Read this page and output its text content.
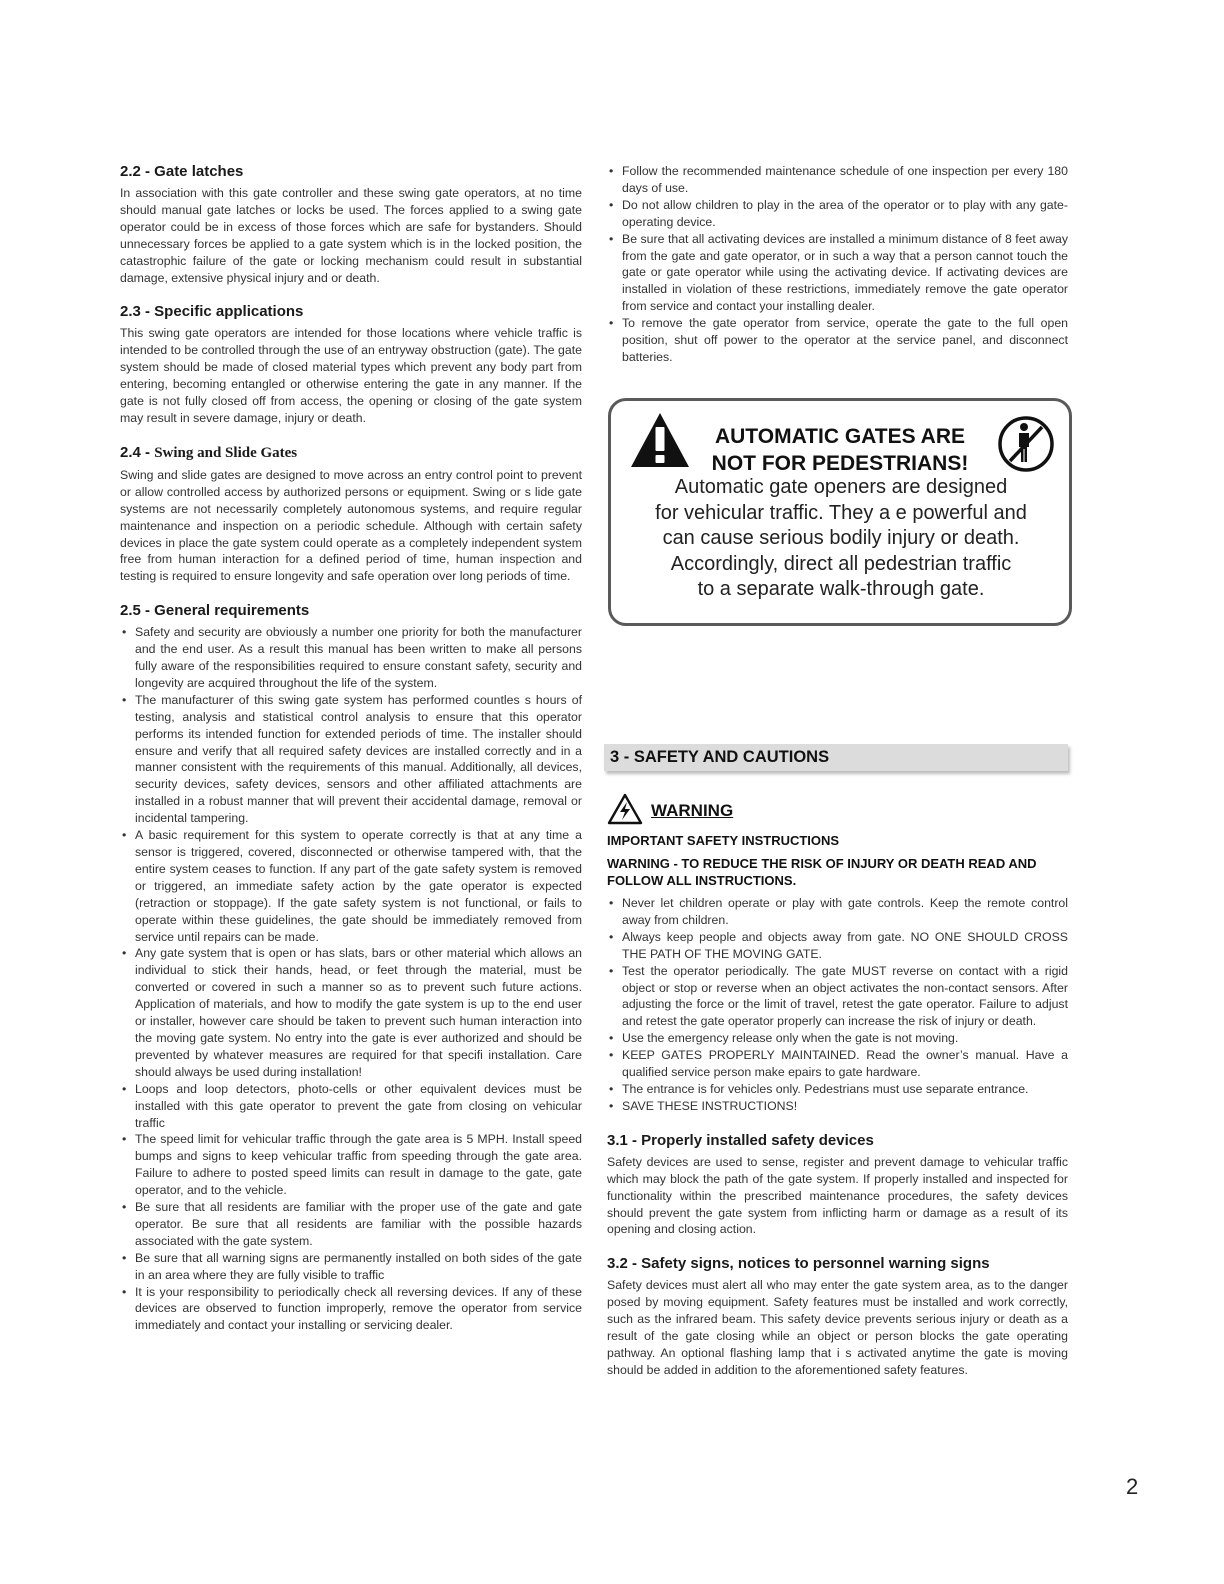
2.2 - Gate latches

In association with this gate controller and these swing gate operators, at no time should manual gate latches or locks be used. The forces applied to a swing gate operator could be in excess of those forces which are safe for bystanders. Should unnecessary forces be applied to a gate system which is in the locked position, the catastrophic failure of the gate or locking mechanism could result in substantial damage, extensive physical injury and or death.

2.3 - Specific applications

This swing gate operators are intended for those locations where vehicle traffic is intended to be controlled through the use of an entryway obstruction (gate). The gate system should be made of closed material types which prevent any body part from entering, becoming entangled or otherwise entering the gate in any manner. If the gate is not fully closed off from access, the opening or closing of the gate system may result in severe damage, injury or death.

2.4 - Swing and Slide Gates

Swing and slide gates are designed to move across an entry control point to prevent or allow controlled access by authorized persons or equipment. Swing or s lide gate systems are not necessarily completely autonomous systems, and require regular maintenance and inspection on a periodic schedule. Although with certain safety devices in place the gate system could operate as a completely independent system free from human interaction for a defined period of time, human inspection and testing is required to ensure longevity and safe operation over long periods of time.

2.5 - General requirements
• Safety and security are obviously a number one priority for both the manufacturer and the end user. As a result this manual has been written to make all persons fully aware of the responsibilities required to ensure constant safety, security and longevity are acquired throughout the life of the system.
• The manufacturer of this swing gate system has performed countles s hours of testing, analysis and statistical control analysis to ensure that this operator performs its intended function for extended periods of time. The installer should ensure and verify that all required safety devices are installed correctly and in a manner consistent with the requirements of this manual. Additionally, all devices, security devices, safety devices, sensors and other affiliated attachments are installed in a robust manner that will prevent their accidental damage, removal or incidental tampering.
• A basic requirement for this system to operate correctly is that at any time a sensor is triggered, covered, disconnected or otherwise tampered with, that the entire system ceases to function. If any part of the gate safety system is removed or triggered, an immediate safety action by the gate operator is expected (retraction or stoppage). If the gate safety system is not functional, or fails to operate within these guidelines, the gate should be immediately removed from service until repairs can be made.
• Any gate system that is open or has slats, bars or other material which allows an individual to stick their hands, head, or feet through the material, must be converted or covered in such a manner so as to prevent such future actions. Application of materials, and how to modify the gate system is up to the end user or installer, however care should be taken to prevent such human interaction into the moving gate system. No entry into the gate is ever authorized and should be prevented by whatever measures are required for that specifi installation. Care should always be used during installation!
• Loops and loop detectors, photo-cells or other equivalent devices must be installed with this gate operator to prevent the gate from closing on vehicular traffic
• The speed limit for vehicular traffic through the gate area is 5 MPH. Install speed bumps and signs to keep vehicular traffic from speeding through the gate area. Failure to adhere to posted speed limits can result in damage to the gate, gate operator, and to the vehicle.
• Be sure that all residents are familiar with the proper use of the gate and gate operator. Be sure that all residents are familiar with the possible hazards associated with the gate system.
• Be sure that all warning signs are permanently installed on both sides of the gate in an area where they are fully visible to traffic
• It is your responsibility to periodically check all reversing devices. If any of these devices are observed to function improperly, remove the operator from service immediately and contact your installing or servicing dealer.
• Follow the recommended maintenance schedule of one inspection per every 180 days of use.
• Do not allow children to play in the area of the operator or to play with any gate-operating device.
• Be sure that all activating devices are installed a minimum distance of 8 feet away from the gate and gate operator, or in such a way that a person cannot touch the gate or gate operator while using the activating device. If activating devices are installed in violation of these restrictions, immediately remove the gate operator from service and contact your installing dealer.
• To remove the gate operator from service, operate the gate to the full open position, shut off power to the operator at the service panel, and disconnect batteries.
AUTOMATIC GATES ARE
NOT FOR PEDESTRIANS!
Automatic gate openers are designed
for vehicular traffic. They a e powerful and
can cause serious bodily injury or death.
Accordingly, direct all pedestrian traffic
to a separate walk-through gate.
3 - SAFETY AND CAUTIONS
WARNING

IMPORTANT SAFETY INSTRUCTIONS

WARNING - TO REDUCE THE RISK OF INJURY OR DEATH READ AND FOLLOW ALL INSTRUCTIONS.

• Never let children operate or play with gate controls. Keep the remote control away from children.
• Always keep people and objects away from gate. NO ONE SHOULD CROSS THE PATH OF THE MOVING GATE.
• Test the operator periodically. The gate MUST reverse on contact with a rigid object or stop or reverse when an object activates the non-contact sensors. After adjusting the force or the limit of travel, retest the gate operator. Failure to adjust and retest the gate operator properly can increase the risk of injury or death.
• Use the emergency release only when the gate is not moving.
• KEEP GATES PROPERLY MAINTAINED. Read the owner’s manual. Have a qualified service person make epairs to gate hardware.
• The entrance is for vehicles only. Pedestrians must use separate entrance.
• SAVE THESE INSTRUCTIONS!
3.1 - Properly installed safety devices

Safety devices are used to sense, register and prevent damage to vehicular traffic which may block the path of the gate system. If properly installed and inspected for functionality within the prescribed maintenance procedures, the safety devices should prevent the gate system from inflicting harm or damage as a result of its opening and closing action.

3.2 - Safety signs, notices to personnel warning signs

Safety devices must alert all who may enter the gate system area, as to the danger posed by moving equipment. Safety features must be installed and work correctly, such as the infrared beam. This safety device prevents serious injury or death as a result of the gate closing while an object or person blocks the gate operating pathway. An optional flashing lamp that i s activated anytime the gate is moving should be added in addition to the aforementioned safety features.

2
